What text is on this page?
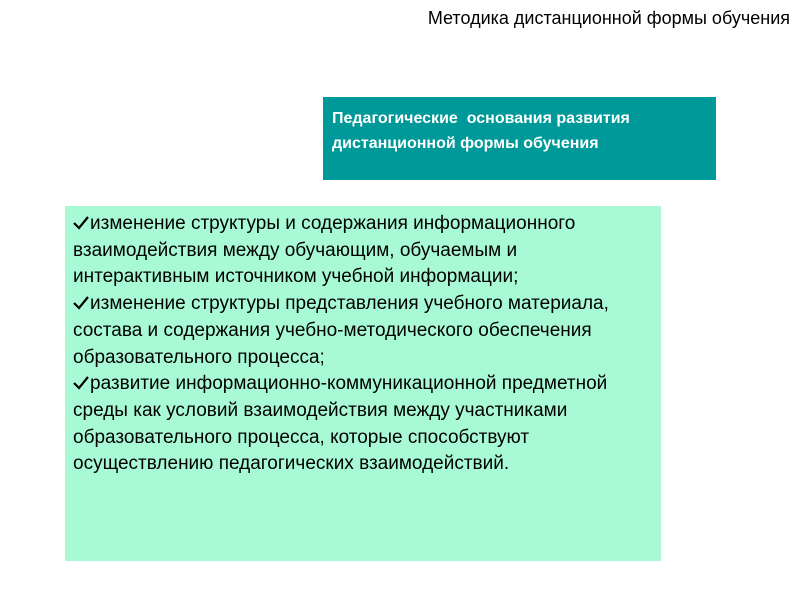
Методика дистанционной формы обучения
Педагогические  основания развития дистанционной формы обучения
изменение структуры и содержания информационного взаимодействия между обучающим, обучаемым и интерактивным источником учебной информации;
изменение структуры представления учебного материала, состава и содержания учебно-методического обеспечения образовательного процесса;
развитие информационно-коммуникационной предметной среды как условий взаимодействия между участниками образовательного процесса, которые способствуют осуществлению педагогических взаимодействий.
